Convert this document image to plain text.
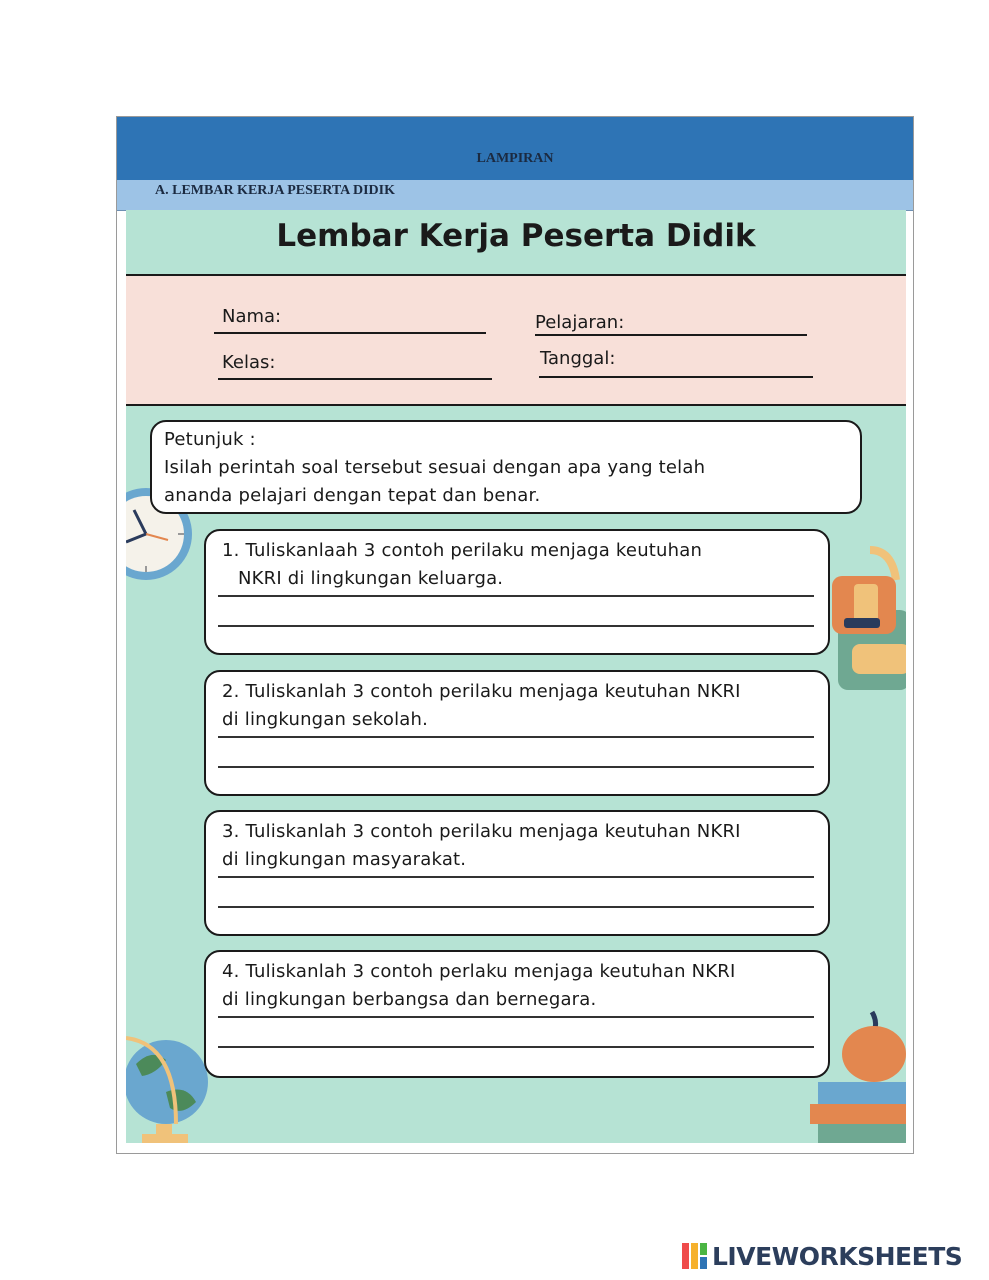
LAMPIRAN
A. LEMBAR KERJA PESERTA DIDIK
Lembar Kerja Peserta Didik
Nama:	Pelajaran:
Kelas:	Tanggal:
Petunjuk :
Isilah perintah soal tersebut sesuai dengan apa yang telah
ananda pelajari dengan tepat dan benar.
1. Tuliskanlaah 3 contoh perilaku menjaga keutuhan
NKRI di lingkungan keluarga.
2. Tuliskanlah 3 contoh perilaku menjaga keutuhan NKRI
di lingkungan sekolah.
3. Tuliskanlah 3 contoh perilaku menjaga keutuhan NKRI
di lingkungan masyarakat.
4. Tuliskanlah 3 contoh perlaku menjaga keutuhan NKRI
di lingkungan berbangsa dan bernegara.
LIVEWORKSHEETS
